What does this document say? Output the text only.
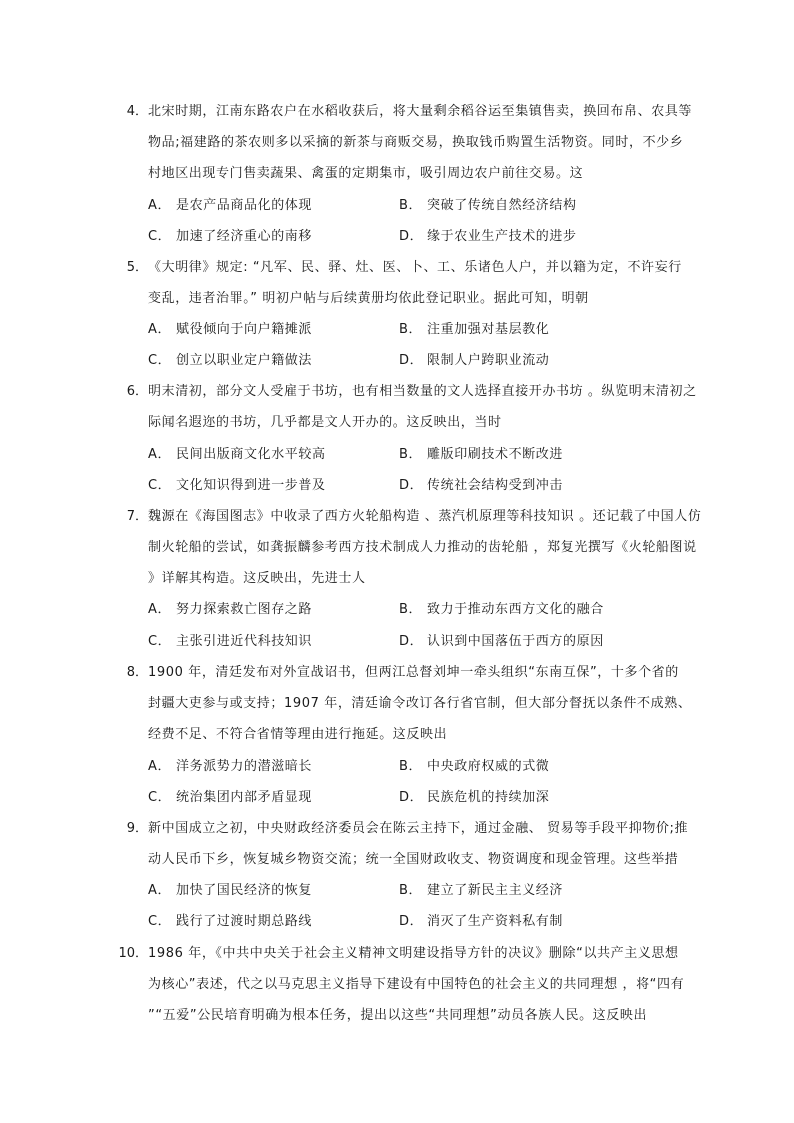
4． 北宋时期，江南东路农户在水稻收获后，将大量剩余稻谷运至集镇售卖，换回布帛、农具等
物品;福建路的茶农则多以采摘的新茶与商贩交易，换取钱币购置生活物资。同时，不少乡
村地区出现专门售卖蔬果、禽蛋的定期集市，吸引周边农户前往交易。这
A． 是农产品商品化的体现	B． 突破了传统自然经济结构
C． 加速了经济重心的南移	D． 缘于农业生产技术的进步
5． 《大明律》规定: “凡军、民、驿、灶、医、卜、工、乐诸色人户，并以籍为定，不许妄行
变乱，违者治罪。” 明初户帖与后续黄册均依此登记职业。据此可知，明朝
A． 赋役倾向于向户籍摊派	B． 注重加强对基层教化
C． 创立以职业定户籍做法	D． 限制人户跨职业流动
6． 明末清初，部分文人受雇于书坊，也有相当数量的文人选择直接开办书坊 。纵览明末清初之
际闻名遐迩的书坊，几乎都是文人开办的。这反映出，当时
A． 民间出版商文化水平较高	B． 雕版印刷技术不断改进
C． 文化知识得到进一步普及	D． 传统社会结构受到冲击
7． 魏源在《海国图志》中收录了西方火轮船构造 、蒸汽机原理等科技知识 。还记载了中国人仿
制火轮船的尝试，如龚振麟参考西方技术制成人力推动的齿轮船 ，郑复光撰写《火轮船图说
》详解其构造。这反映出，先进士人
A． 努力探索救亡图存之路	B． 致力于推动东西方文化的融合
C． 主张引进近代科技知识	D． 认识到中国落伍于西方的原因
8． 1900 年，清廷发布对外宣战诏书，但两江总督刘坤一牵头组织“东南互保”，十多个省的
封疆大吏参与或支持；1907 年，清廷谕令改订各行省官制，但大部分督抚以条件不成熟、
经费不足、不符合省情等理由进行拖延。这反映出
A． 洋务派势力的潜滋暗长	B． 中央政府权威的式微
C． 统治集团内部矛盾显现	D． 民族危机的持续加深
9． 新中国成立之初，中央财政经济委员会在陈云主持下，通过金融、 贸易等手段平抑物价;推
动人民币下乡，恢复城乡物资交流；统一全国财政收支、物资调度和现金管理。这些举措
A． 加快了国民经济的恢复	B． 建立了新民主主义经济
C． 践行了过渡时期总路线	D． 消灭了生产资料私有制
10． 1986 年，《中共中央关于社会主义精神文明建设指导方针的决议》删除“以共产主义思想
为核心”表述，代之以马克思主义指导下建设有中国特色的社会主义的共同理想 ，将“四有
”“五爱”公民培育明确为根本任务，提出以这些“共同理想”动员各族人民。这反映出
